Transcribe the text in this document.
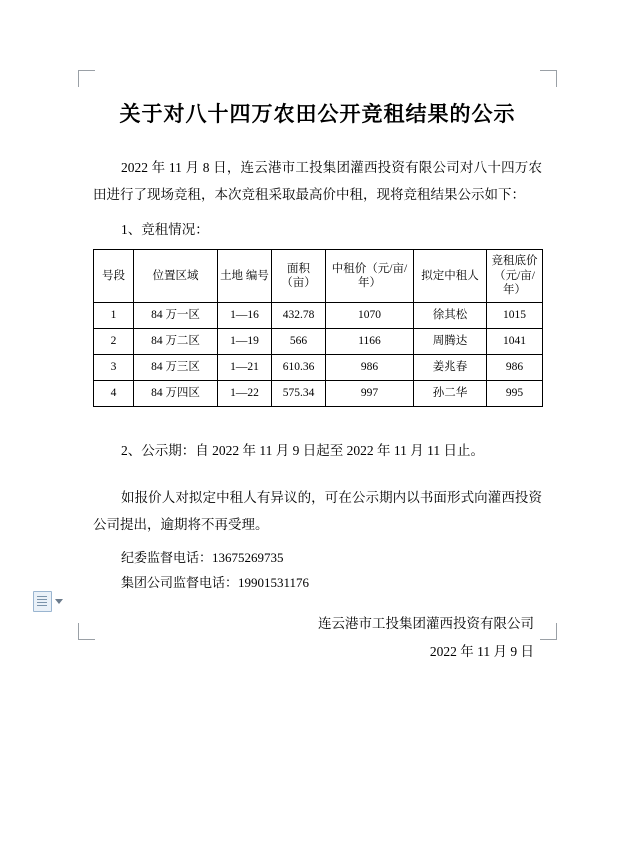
关于对八十四万农田公开竞租结果的公示

2022 年 11 月 8 日，连云港市工投集团灌西投资有限公司对八十四万农田进行了现场竞租，本次竞租采取最高价中租，现将竞租结果公示如下：

1、竞租情况：
号段	位置区域	土地 编号	面积（亩）	中租价（元/亩/年）	拟定中租人	竞租底价（元/亩/年）
1	84 万一区	1—16	432.78	1070	徐其松	1015
2	84 万二区	1—19	566	1166	周腾达	1041
3	84 万三区	1—21	610.36	986	姜兆春	986
4	84 万四区	1—22	575.34	997	孙二华	995
2、公示期：自 2022 年 11 月 9 日起至 2022 年 11 月 11 日止。

如报价人对拟定中租人有异议的，可在公示期内以书面形式向灌西投资公司提出，逾期将不再受理。

纪委监督电话：13675269735

集团公司监督电话：19901531176

连云港市工投集团灌西投资有限公司
2022 年 11 月 9 日
